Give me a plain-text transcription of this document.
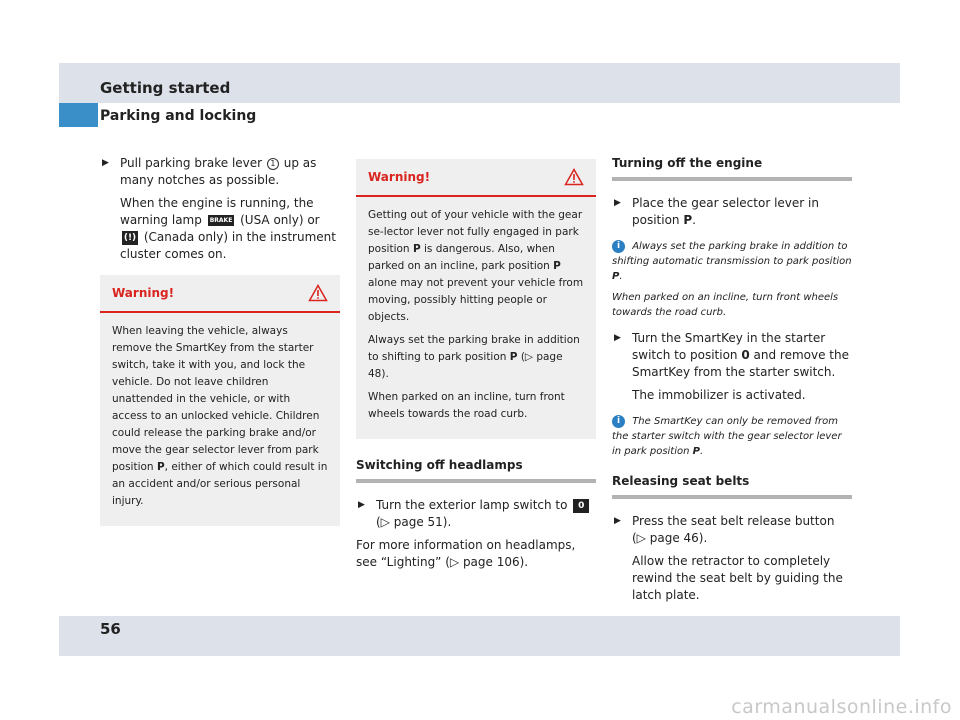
Getting started
Parking and locking
▶ Pull parking brake lever 1 up as many notches as possible.
When the engine is running, the warning lamp BRAKE (USA only) or (!) (Canada only) in the instrument cluster comes on.
Warning!
When leaving the vehicle, always remove the SmartKey from the starter switch, take it with you, and lock the vehicle. Do not leave children unattended in the vehicle, or with access to an unlocked vehicle. Children could release the parking brake and/or move the gear selector lever from park position P, either of which could result in an accident and/or serious personal injury.
Warning!
Getting out of your vehicle with the gear se-lector lever not fully engaged in park position P is dangerous. Also, when parked on an incline, park position P alone may not prevent your vehicle from moving, possibly hitting people or objects.
Always set the parking brake in addition to shifting to park position P (▷ page 48).
When parked on an incline, turn front wheels towards the road curb.
Switching off headlamps
▶ Turn the exterior lamp switch to 0 (▷ page 51).
For more information on headlamps, see “Lighting” (▷ page 106).
Turning off the engine
▶ Place the gear selector lever in position P.
i Always set the parking brake in addition to shifting automatic transmission to park position P.
When parked on an incline, turn front wheels towards the road curb.
▶ Turn the SmartKey in the starter switch to position 0 and remove the SmartKey from the starter switch.
The immobilizer is activated.
i The SmartKey can only be removed from the starter switch with the gear selector lever in park position P.
Releasing seat belts
▶ Press the seat belt release button (▷ page 46).
Allow the retractor to completely rewind the seat belt by guiding the latch plate.
56
carmanualsonline.info
